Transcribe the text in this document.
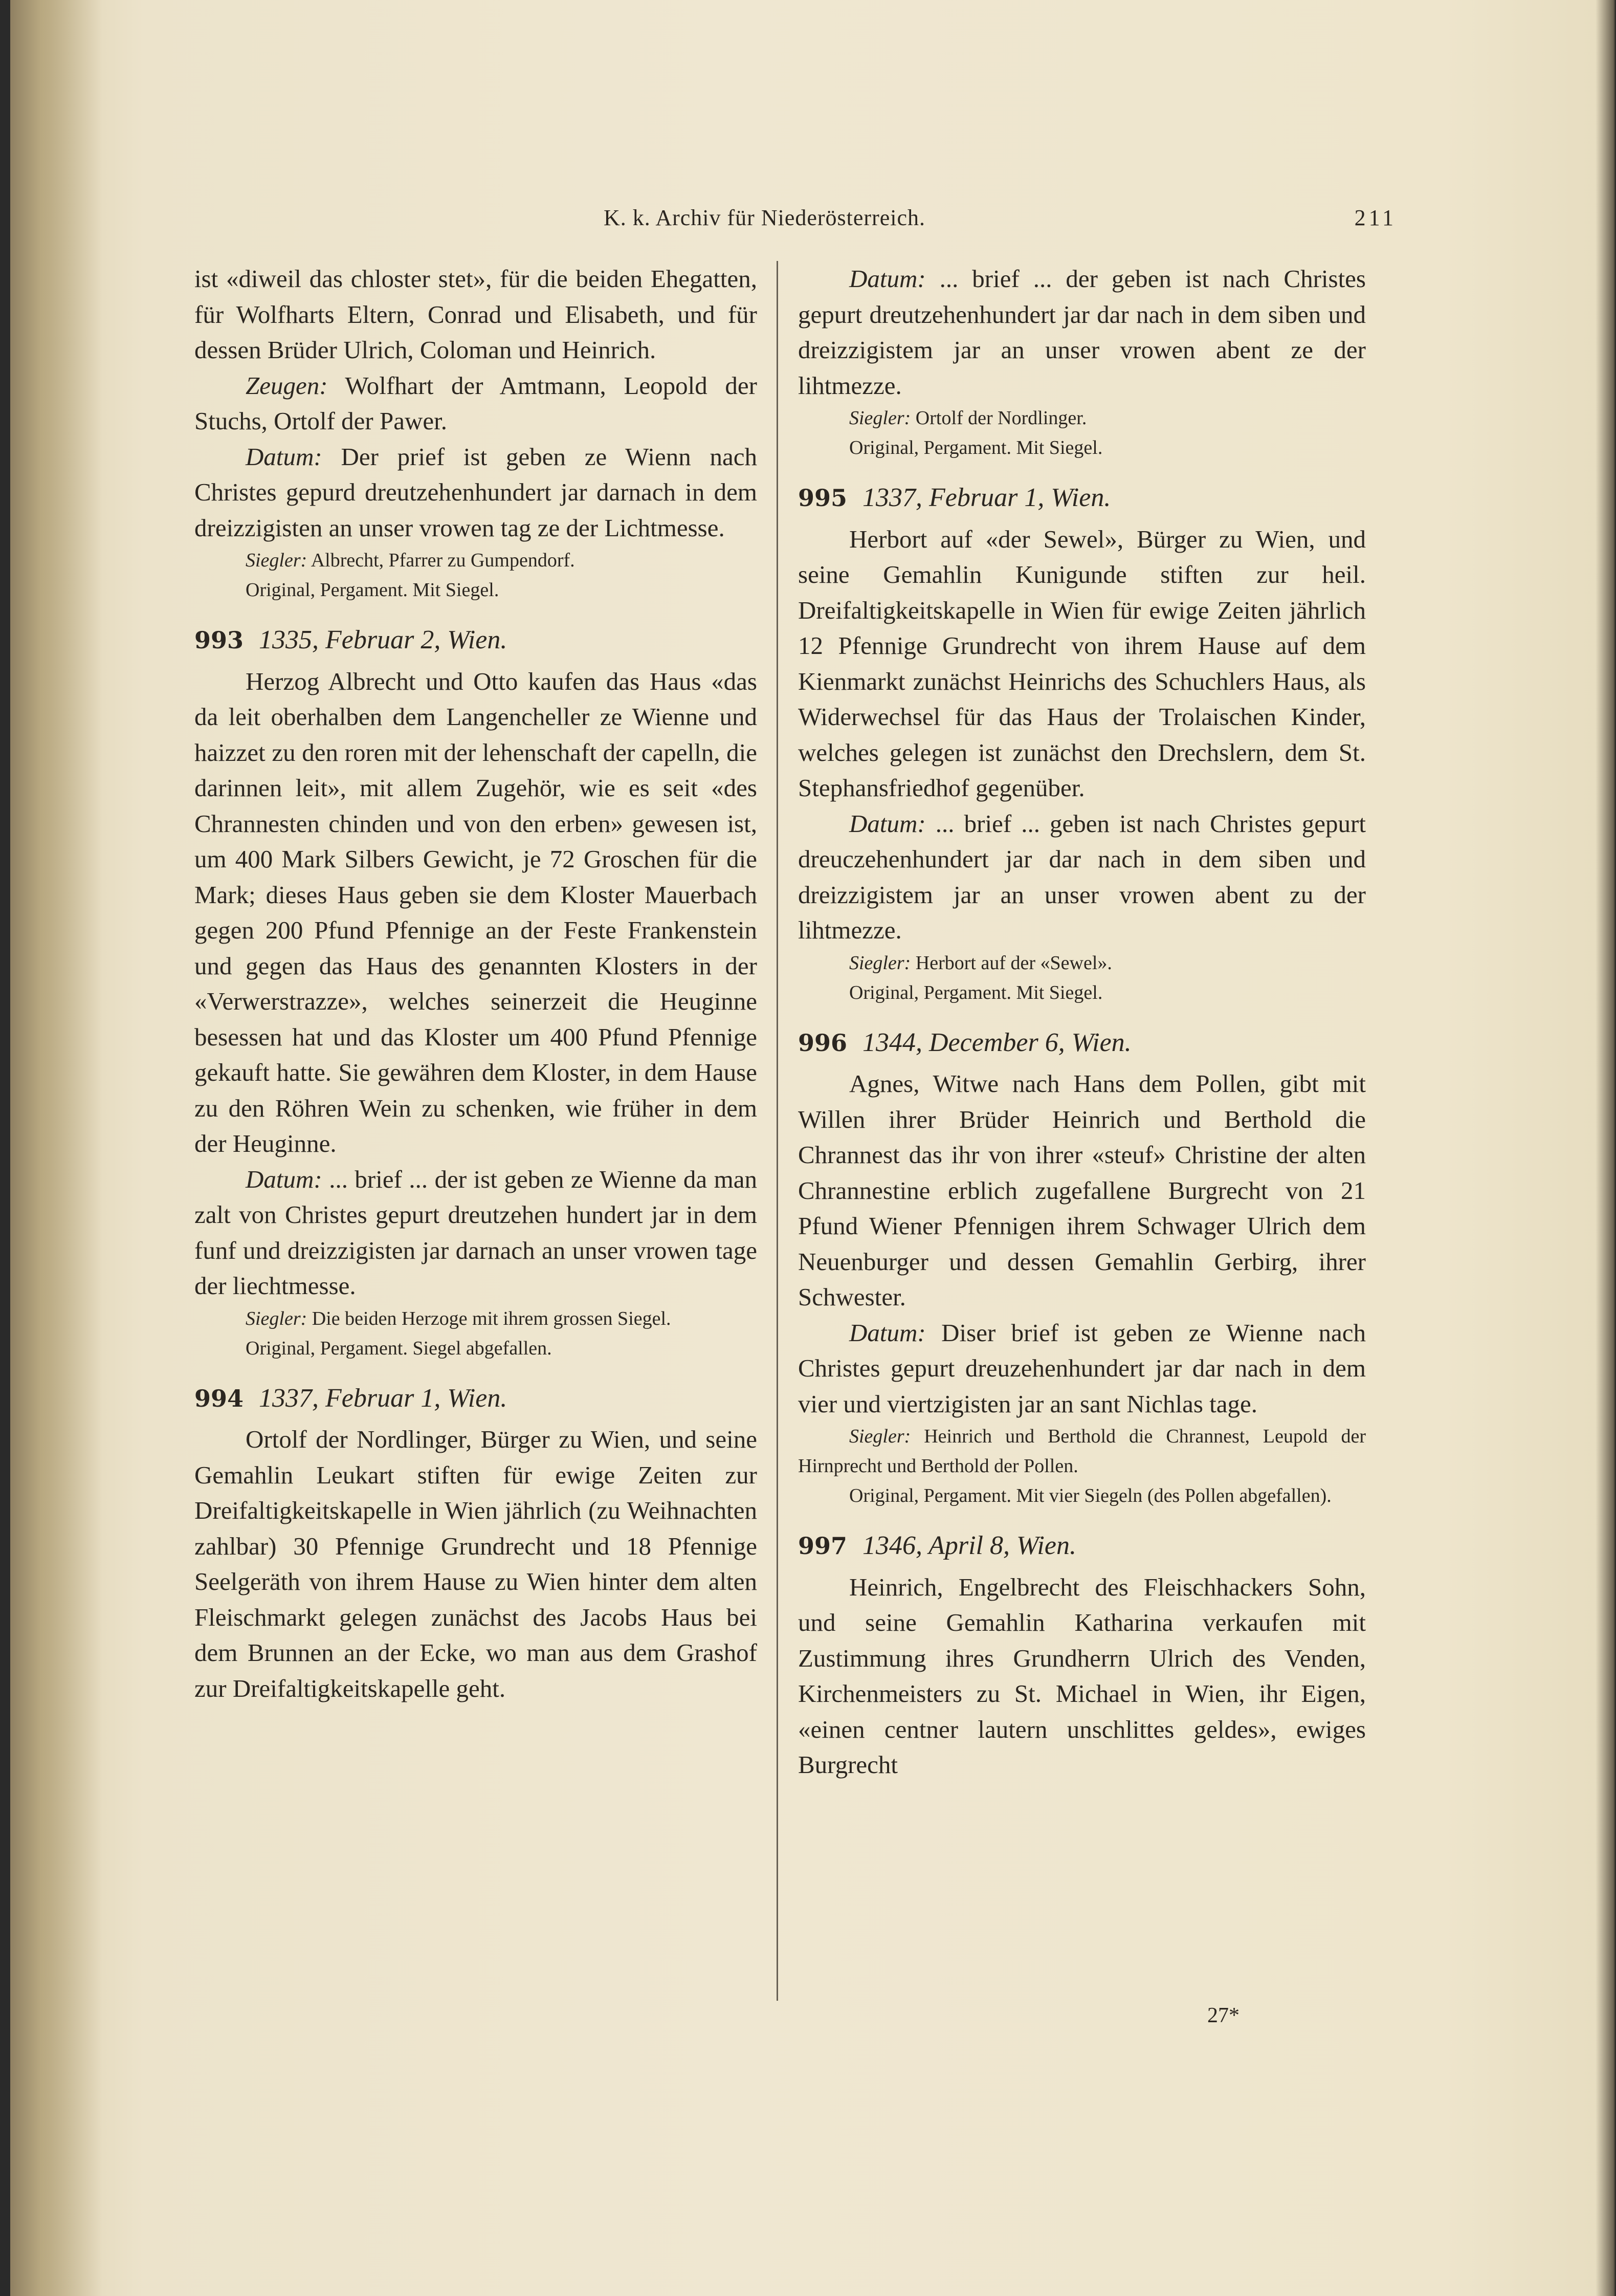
K. k. Archiv für Niederösterreich.	211

ist «diweil das chloster stet», für die beiden Ehegatten, für Wolfharts Eltern, Conrad und Elisabeth, und für dessen Brüder Ulrich, Coloman und Heinrich.

Zeugen: Wolfhart der Amtmann, Leopold der Stuchs, Ortolf der Pawer.

Datum: Der prief ist geben ze Wienn nach Christes gepurd dreutzehenhundert jar darnach in dem dreizzigisten an unser vrowen tag ze der Lichtmesse.

Siegler: Albrecht, Pfarrer zu Gumpendorf.

Original, Pergament. Mit Siegel.

993 1335, Februar 2, Wien.

Herzog Albrecht und Otto kaufen das Haus «das da leit oberhalben dem Langencheller ze Wienne und haizzet zu den roren mit der lehenschaft der capelln, die darinnen leit», mit allem Zugehör, wie es seit «des Chrannesten chinden und von den erben» gewesen ist, um 400 Mark Silbers Gewicht, je 72 Groschen für die Mark; dieses Haus geben sie dem Kloster Mauerbach gegen 200 Pfund Pfennige an der Feste Frankenstein und gegen das Haus des genannten Klosters in der «Verwerstrazze», welches seinerzeit die Heuginne besessen hat und das Kloster um 400 Pfund Pfennige gekauft hatte. Sie gewähren dem Kloster, in dem Hause zu den Röhren Wein zu schenken, wie früher in dem der Heuginne.

Datum: ... brief ... der ist geben ze Wienne da man zalt von Christes gepurt dreutzehen hundert jar in dem funf und dreizzigisten jar darnach an unser vrowen tage der liechtmesse.

Siegler: Die beiden Herzoge mit ihrem grossen Siegel.

Original, Pergament. Siegel abgefallen.

994 1337, Februar 1, Wien.

Ortolf der Nordlinger, Bürger zu Wien, und seine Gemahlin Leukart stiften für ewige Zeiten zur Dreifaltigkeitskapelle in Wien jährlich (zu Weihnachten zahlbar) 30 Pfennige Grundrecht und 18 Pfennige Seelgeräth von ihrem Hause zu Wien hinter dem alten Fleischmarkt gelegen zunächst des Jacobs Haus bei dem Brunnen an der Ecke, wo man aus dem Grashof zur Dreifaltigkeitskapelle geht.

Datum: ... brief ... der geben ist nach Christes gepurt dreutzehenhundert jar dar nach in dem siben und dreizzigistem jar an unser vrowen abent ze der lihtmezze.

Siegler: Ortolf der Nordlinger.

Original, Pergament. Mit Siegel.

995 1337, Februar 1, Wien.

Herbort auf «der Sewel», Bürger zu Wien, und seine Gemahlin Kunigunde stiften zur heil. Dreifaltigkeitskapelle in Wien für ewige Zeiten jährlich 12 Pfennige Grundrecht von ihrem Hause auf dem Kienmarkt zunächst Heinrichs des Schuchlers Haus, als Widerwechsel für das Haus der Trolaischen Kinder, welches gelegen ist zunächst den Drechslern, dem St. Stephansfriedhof gegenüber.

Datum: ... brief ... geben ist nach Christes gepurt dreuczehenhundert jar dar nach in dem siben und dreizzigistem jar an unser vrowen abent zu der lihtmezze.

Siegler: Herbort auf der «Sewel».

Original, Pergament. Mit Siegel.

996 1344, December 6, Wien.

Agnes, Witwe nach Hans dem Pollen, gibt mit Willen ihrer Brüder Heinrich und Berthold die Chrannest das ihr von ihrer «steuf» Christine der alten Chrannestine erblich zugefallene Burgrecht von 21 Pfund Wiener Pfennigen ihrem Schwager Ulrich dem Neuenburger und dessen Gemahlin Gerbirg, ihrer Schwester.

Datum: Diser brief ist geben ze Wienne nach Christes gepurt dreuzehenhundert jar dar nach in dem vier und viertzigisten jar an sant Nichlas tage.

Siegler: Heinrich und Berthold die Chrannest, Leupold der Hirnprecht und Berthold der Pollen.

Original, Pergament. Mit vier Siegeln (des Pollen abgefallen).

997 1346, April 8, Wien.

Heinrich, Engelbrecht des Fleischhackers Sohn, und seine Gemahlin Katharina verkaufen mit Zustimmung ihres Grundherrn Ulrich des Venden, Kirchenmeisters zu St. Michael in Wien, ihr Eigen, «einen centner lautern unschlittes geldes», ewiges Burgrecht

27*
